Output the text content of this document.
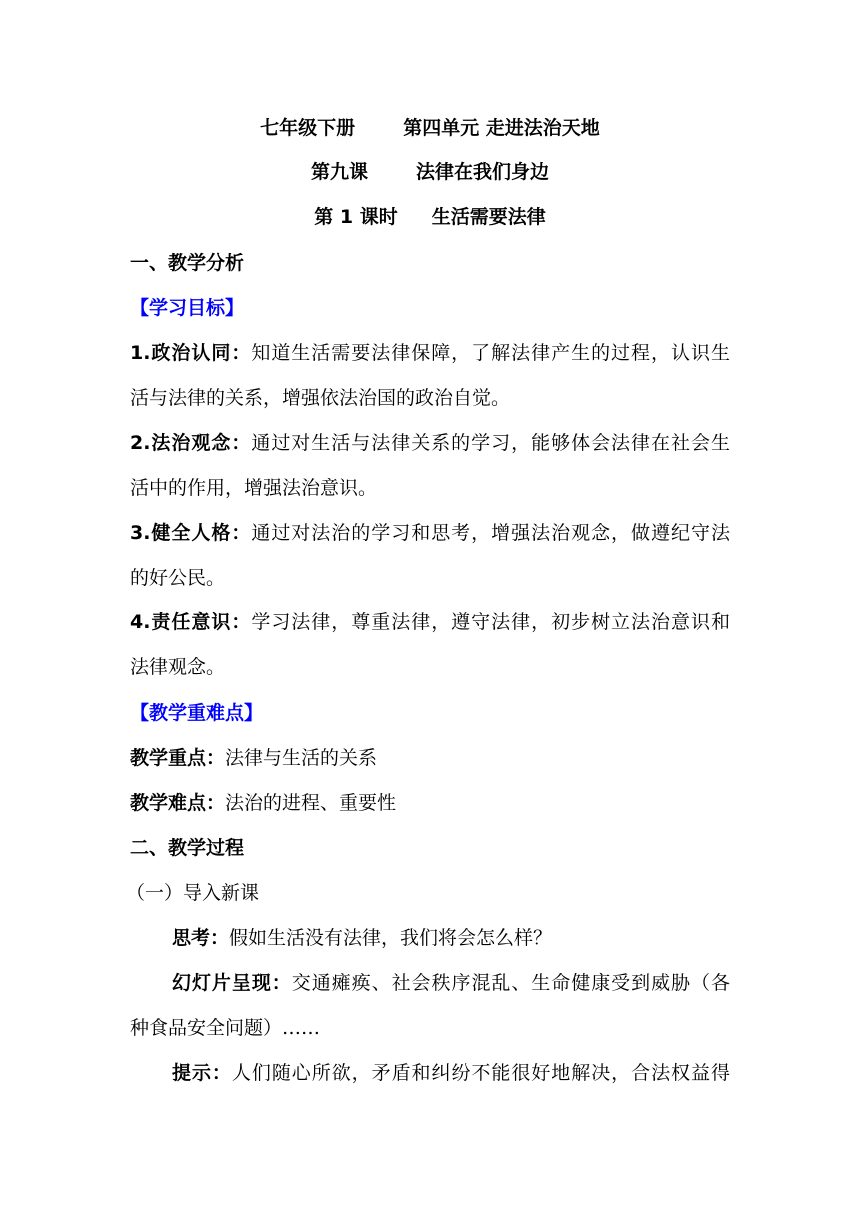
七年级下册	第四单元 走进法治天地
第九课	法律在我们身边
第 1 课时 生活需要法律
一、教学分析
【学习目标】
1.政治认同：知道生活需要法律保障，了解法律产生的过程，认识生
活与法律的关系，增强依法治国的政治自觉。
2.法治观念：通过对生活与法律关系的学习，能够体会法律在社会生
活中的作用，增强法治意识。
3.健全人格：通过对法治的学习和思考，增强法治观念，做遵纪守法
的好公民。
4.责任意识：学习法律，尊重法律，遵守法律，初步树立法治意识和
法律观念。
【教学重难点】
教学重点：法律与生活的关系
教学难点：法治的进程、重要性
二、教学过程
（一）导入新课
思考：假如生活没有法律，我们将会怎么样？
幻灯片呈现：交通瘫痪、社会秩序混乱、生命健康受到威胁（各
种食品安全问题）……
提示：人们随心所欲，矛盾和纠纷不能很好地解决，合法权益得
